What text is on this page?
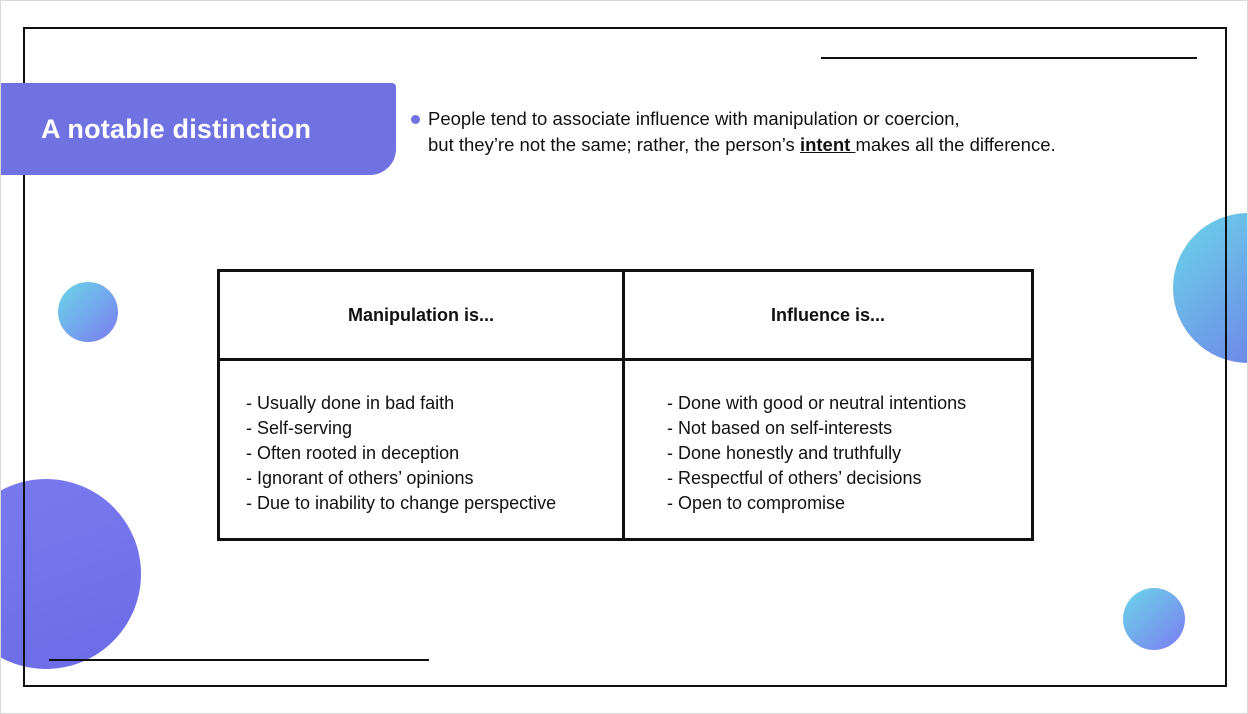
A notable distinction	People tend to associate influence with manipulation or coercion,
but they’re not the same; rather, the person’s intent makes all the difference.
Manipulation is...	Influence is...
- Usually done in bad faith
- Self-serving
- Often rooted in deception
- Ignorant of others’ opinions
- Due to inability to change perspective
- Done with good or neutral intentions
- Not based on self-interests
- Done honestly and truthfully
- Respectful of others’ decisions
- Open to compromise
